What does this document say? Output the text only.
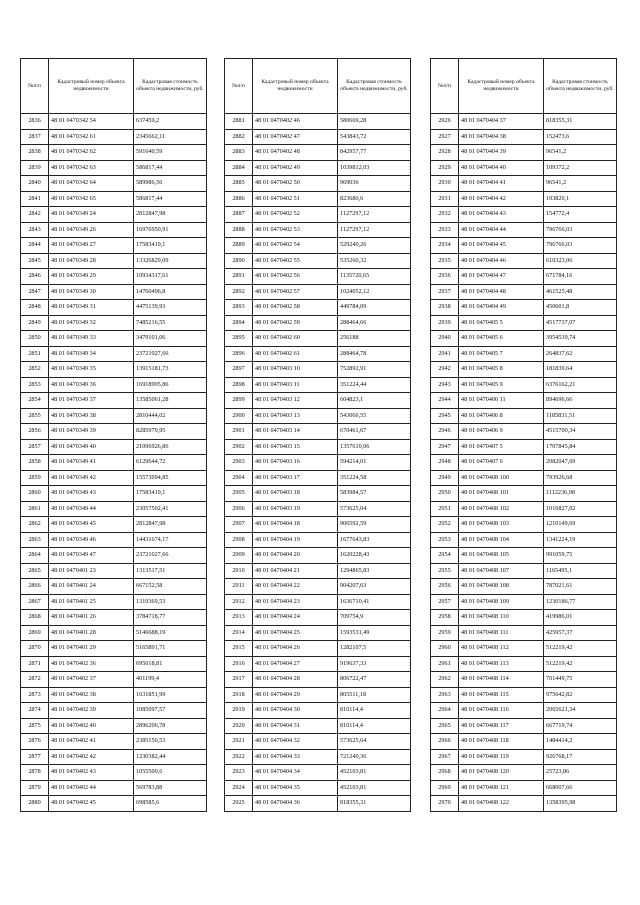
№п/п	Кадастровый номер объекта недвижимости	Кадастровая стоимость объекта недвижимости, руб.
2836	48 01 0470342 54	637459,2
2837	48 01 0470342 61	2345662,11
2838	48 01 0470342 62	591640,59
2839	48 01 0470342 63	586817,44
2840	48 01 0470342 64	589986,56
2841	48 01 0470342 65	586817,44
2842	48 01 0470349 24	2812847,98
2843	48 01 0470349 26	16976950,91
2844	48 01 0470349 27	17583419,1
2845	48 01 0470349 28	13326829,09
2846	48 01 0470349 29	10934317,61
2847	48 01 0470349 30	14760496,8
2848	48 01 0470349 31	4475139,93
2849	48 01 0470349 32	7485216,55
2850	48 01 0470349 33	3479101,06
2851	48 01 0470349 34	23721027,66
2852	48 01 0470349 35	13915181,73
2853	48 01 0470349 36	16918995,86
2854	48 01 0470349 37	13585061,28
2855	48 01 0470349 38	2810444,02
2856	48 01 0470349 39	8285979,95
2857	48 01 0470349 40	21096926,86
2858	48 01 0470349 41	6129644,72
2859	48 01 0470349 42	15573094,85
2860	48 01 0470349 43	17583419,1
2861	48 01 0470349 44	23057502,41
2862	48 01 0470349 45	2812847,98
2863	48 01 0470349 46	14431674,17
2864	48 01 0470349 47	23721027,66
2865	48 01 0470401 23	1313517,51
2866	48 01 0470401 24	667152,58
2867	48 01 0470401 25	1319369,53
2868	48 01 0470401 26	3784718,77
2869	48 01 0470401 28	5146688,19
2870	48 01 0470401 29	5165891,71
2871	48 01 0470402 36	695018,81
2872	48 01 0470402 37	401199,4
2873	48 01 0470402 38	1631851,99
2874	48 01 0470402 39	1085097,57
2875	48 01 0470402 40	2896206,78
2876	48 01 0470402 41	2385150,53
2877	48 01 0470402 42	1230382,44
2878	48 01 0470402 43	1055500,6
2879	48 01 0470402 44	569783,88
2880	48 01 0470402 45	698585,6
№п/п	Кадастровый номер объекта недвижимости	Кадастровая стоимость объекта недвижимости, руб.
2881	48 01 0470402 46	580669,28
2882	48 01 0470402 47	543843,72
2883	48 01 0470402 48	842957,77
2884	48 01 0470402 49	1039812,03
2885	48 01 0470402 50	969036
2886	48 01 0470402 51	823680,6
2887	48 01 0470402 52	1127297,12
2888	48 01 0470402 53	1127297,12
2889	48 01 0470402 54	529240,26
2890	48 01 0470402 55	535260,32
2891	48 01 0470402 56	1135720,65
2892	48 01 0470402 57	1024052,12
2893	48 01 0470402 58	449784,09
2894	48 01 0470402 59	288464,66
2895	48 01 0470402 60	256188
2896	48 01 0470402 61	288464,78
2897	48 01 0470403 10	752892,91
2898	48 01 0470403 11	351224,44
2899	48 01 0470403 12	604823,1
2900	48 01 0470403 13	543066,55
2901	48 01 0470403 14	670461,67
2902	48 01 0470403 15	1357610,06
2903	48 01 0470403 16	594214,01
2904	48 01 0470403 17	351224,58
2905	48 01 0470403 18	583984,57
2906	48 01 0470403 19	573625,04
2907	48 01 0470404 18	906592,59
2908	48 01 0470404 19	1677643,83
2909	48 01 0470404 20	1620228,43
2910	48 01 0470404 21	1294865,83
2911	48 01 0470404 22	904207,63
2912	48 01 0470404 23	1636710,41
2913	48 01 0470404 24	709754,9
2914	48 01 0470404 25	1593531,49
2915	48 01 0470404 26	1282107,5
2916	48 01 0470404 27	919637,33
2917	48 01 0470404 28	806722,47
2918	48 01 0470404 29	805511,18
2919	48 01 0470404 30	810114,4
2920	48 01 0470404 31	810114,4
2921	48 01 0470404 32	573625,64
2922	48 01 0470404 33	721240,36
2923	48 01 0470404 34	452103,81
2924	48 01 0470404 35	452103,81
2925	48 01 0470404 36	818355,31
№п/п	Кадастровый номер объекта недвижимости	Кадастровая стоимость объекта недвижимости, руб.
2926	48 01 0470404 37	818355,31
2927	48 01 0470404 38	152473,6
2928	48 01 0470404 39	96541,2
2929	48 01 0470404 40	109372,2
2930	48 01 0470404 41	96541,2
2931	48 01 0470404 42	103820,1
2932	48 01 0470404 43	154772,4
2933	48 01 0470404 44	796766,03
2934	48 01 0470404 45	796766,03
2935	48 01 0470404 46	610323,06
2936	48 01 0470404 47	671784,16
2937	48 01 0470404 48	461525,48
2938	48 01 0470404 49	450601,8
2939	48 01 0470405 5	4517737,07
2940	48 01 0470405 6	3954539,74
2941	48 01 0470405 7	264837,62
2942	48 01 0470405 8	181839,64
2943	48 01 0470405 9	6376162,21
2944	48 01 0470406 11	894696,66
2945	48 01 0470406 8	1185831,51
2946	48 01 0470406 9	4515700,34
2947	48 01 0470407 5	1707845,84
2948	48 01 0470407 6	2082047,69
2949	48 01 0470408 100	793926,68
2950	48 01 0470408 101	1112236,98
2951	48 01 0470408 102	1016827,02
2952	48 01 0470408 103	1210149,69
2953	48 01 0470408 104	1341224,19
2954	48 01 0470408 105	991059,75
2955	48 01 0470408 107	1165495,1
2956	48 01 0470408 108	787021,61
2957	48 01 0470408 109	1230186,77
2958	48 01 0470408 110	419986,01
2959	48 01 0470408 111	425957,37
2960	48 01 0470408 112	512219,42
2961	48 01 0470408 113	512219,42
2962	48 01 0470408 114	701449,75
2963	48 01 0470408 115	975642,82
2964	48 01 0470408 116	2065621,34
2965	48 01 0470408 117	667719,74
2966	48 01 0470408 118	1484414,2
2967	48 01 0470408 119	926768,17
2968	48 01 0470408 120	25723,86
2969	48 01 0470408 121	668007,66
2970	48 01 0470408 122	1358395,98
